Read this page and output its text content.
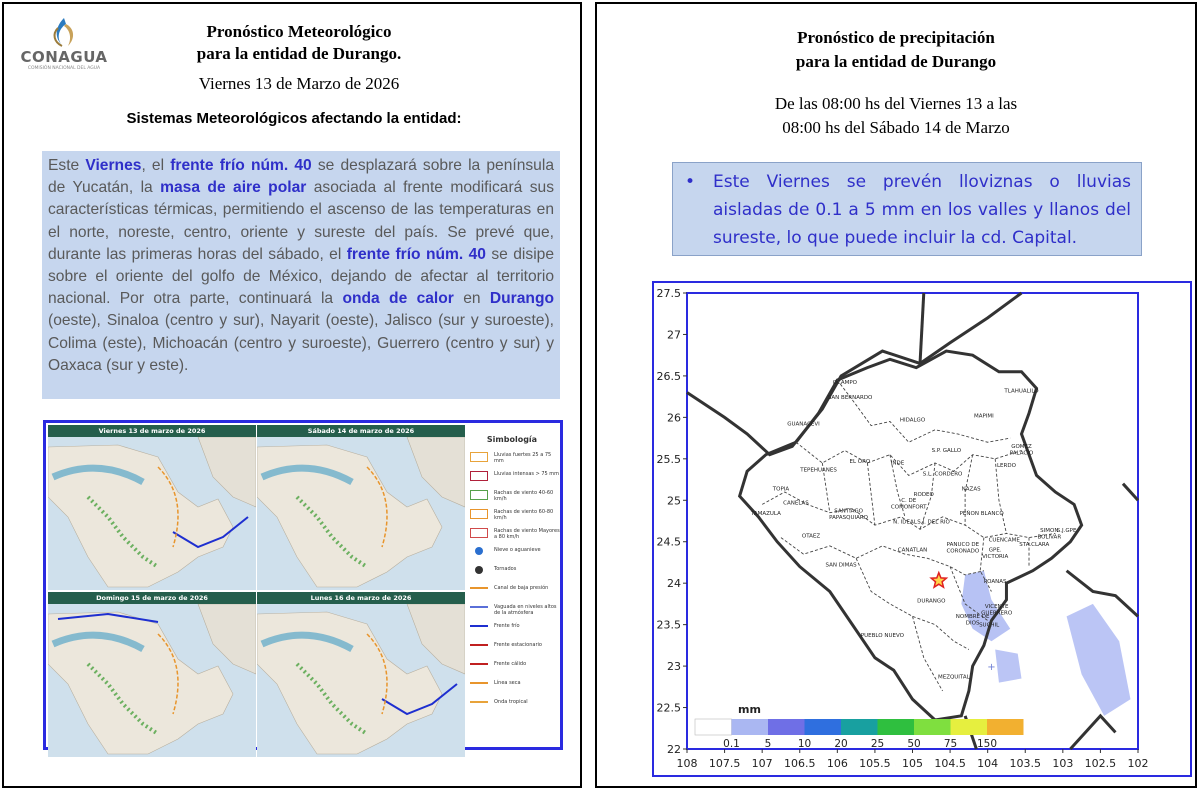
CONAGUA
COMISIÓN NACIONAL DEL AGUA
Pronóstico Meteorológico
para la entidad de Durango.
Viernes 13 de Marzo de 2026
Sistemas Meteorológicos afectando la entidad:
Este Viernes, el frente frío núm. 40 se desplazará sobre la península de Yucatán, la masa de aire polar asociada al frente modificará sus características térmicas, permitiendo el ascenso de las temperaturas en el norte, noreste, centro, oriente y sureste del país. Se prevé que, durante las primeras horas del sábado, el frente frío núm. 40 se disipe sobre el oriente del golfo de México, dejando de afectar al territorio nacional. Por otra parte, continuará la onda de calor en Durango (oeste), Sinaloa (centro y sur), Nayarit (oeste), Jalisco (sur y suroeste), Colima (este), Michoacán (centro y suroeste), Guerrero (centro y sur) y Oaxaca (sur y este).
Viernes 13 de marzo de 2026	Sábado 14 de marzo de 2026
Domingo 15 de marzo de 2026	Lunes 16 de marzo de 2026
Simbología
Lluvias fuertes 25 a 75 mm
Lluvias intensas > 75 mm
Rachas de viento 40-60 km/h
Rachas de viento 60-80 km/h
Rachas de viento Mayores a 80 km/h
Nieve o aguanieve
Tornados
Canal de baja presión
Vaguada en niveles altos de la atmósfera
Frente frío
Frente estacionario
Frente cálido
Línea seca
Onda tropical
Pronóstico de precipitación
para la entidad de Durango
De las 08:00 hs del Viernes 13 a las
08:00 hs del Sábado 14 de Marzo
• Este Viernes se prevén lloviznas o lluvias aisladas de 0.1 a 5 mm en los valles y llanos del sureste, lo que puede incluir la cd. Capital.
OCAMPO
SAN BERNARDO
TLAHUALILO
MAPIMI
HIDALGO
GUANACEVI
S.P. GALLO
GOMEZ PALACIO
EL ORO	INDE	LERDO
TEPEHUANES
S.L. CORDERO
TOPIA	NAZAS
RODEO
C. DE COMONFORT
CANELAS
PEÑON BLANCO
TAMAZULA	SANTIAGO PAPASQUIARO
S.J. DEL RIO
N. IDEAL
SIMON BOLIVAR
S.J.GPE
CUENCAME
STA.CLARA
OTAEZ
CANATLAN
PANUCO DE CORONADO	GPE. VICTORIA
SAN DIMAS
POANAS
DURANGO
VICENTE GUERRERO
NOMBRE DE DIOS SUCHIL
PUEBLO NUEVO
MEZQUITAL
+
27.5
27
26.5
26
25.5
25
24.5
24
23.5
23
22.5
22
108 107.5 107 106.5 106 105.5 105 104.5 104 103.5 103 102.5 102
mm
0.1 5	10 20 25 50 75 150
